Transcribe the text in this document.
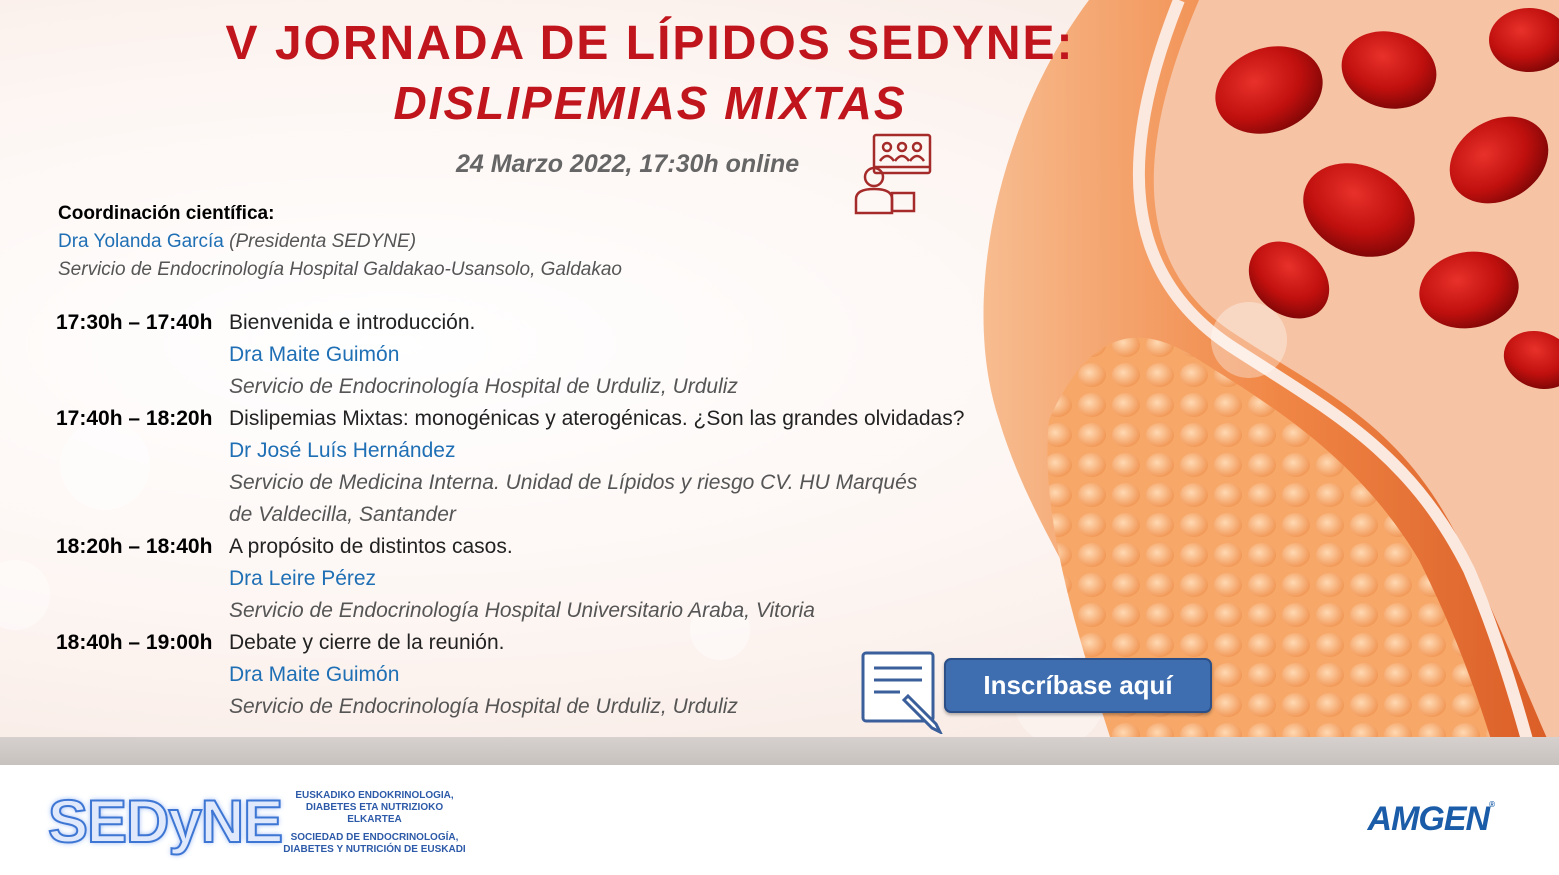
V JORNADA DE LÍPIDOS SEDYNE:
DISLIPEMIAS MIXTAS
24 Marzo 2022, 17:30h online
Coordinación científica:
Dra Yolanda García (Presidenta SEDYNE)
Servicio de Endocrinología Hospital Galdakao-Usansolo, Galdakao
17:30h – 17:40h Bienvenida e introducción.
Dra Maite Guimón
Servicio de Endocrinología Hospital de Urduliz, Urduliz
17:40h – 18:20h Dislipemias Mixtas: monogénicas y aterogénicas. ¿Son las grandes olvidadas?
Dr José Luís Hernández
Servicio de Medicina Interna. Unidad de Lípidos y riesgo CV. HU Marqués
de Valdecilla, Santander
18:20h – 18:40h A propósito de distintos casos.
Dra Leire Pérez
Servicio de Endocrinología Hospital Universitario Araba, Vitoria
18:40h – 19:00h Debate y cierre de la reunión.
Dra Maite Guimón
Servicio de Endocrinología Hospital de Urduliz, Urduliz
Inscríbase aquí
SEDyNE	EUSKADIKO ENDOKRINOLOGIA,
DIABETES ETA NUTRIZIOKO ELKARTEA
SOCIEDAD DE ENDOCRINOLOGÍA,
DIABETES Y NUTRICIÓN DE EUSKADI
AMGEN®
